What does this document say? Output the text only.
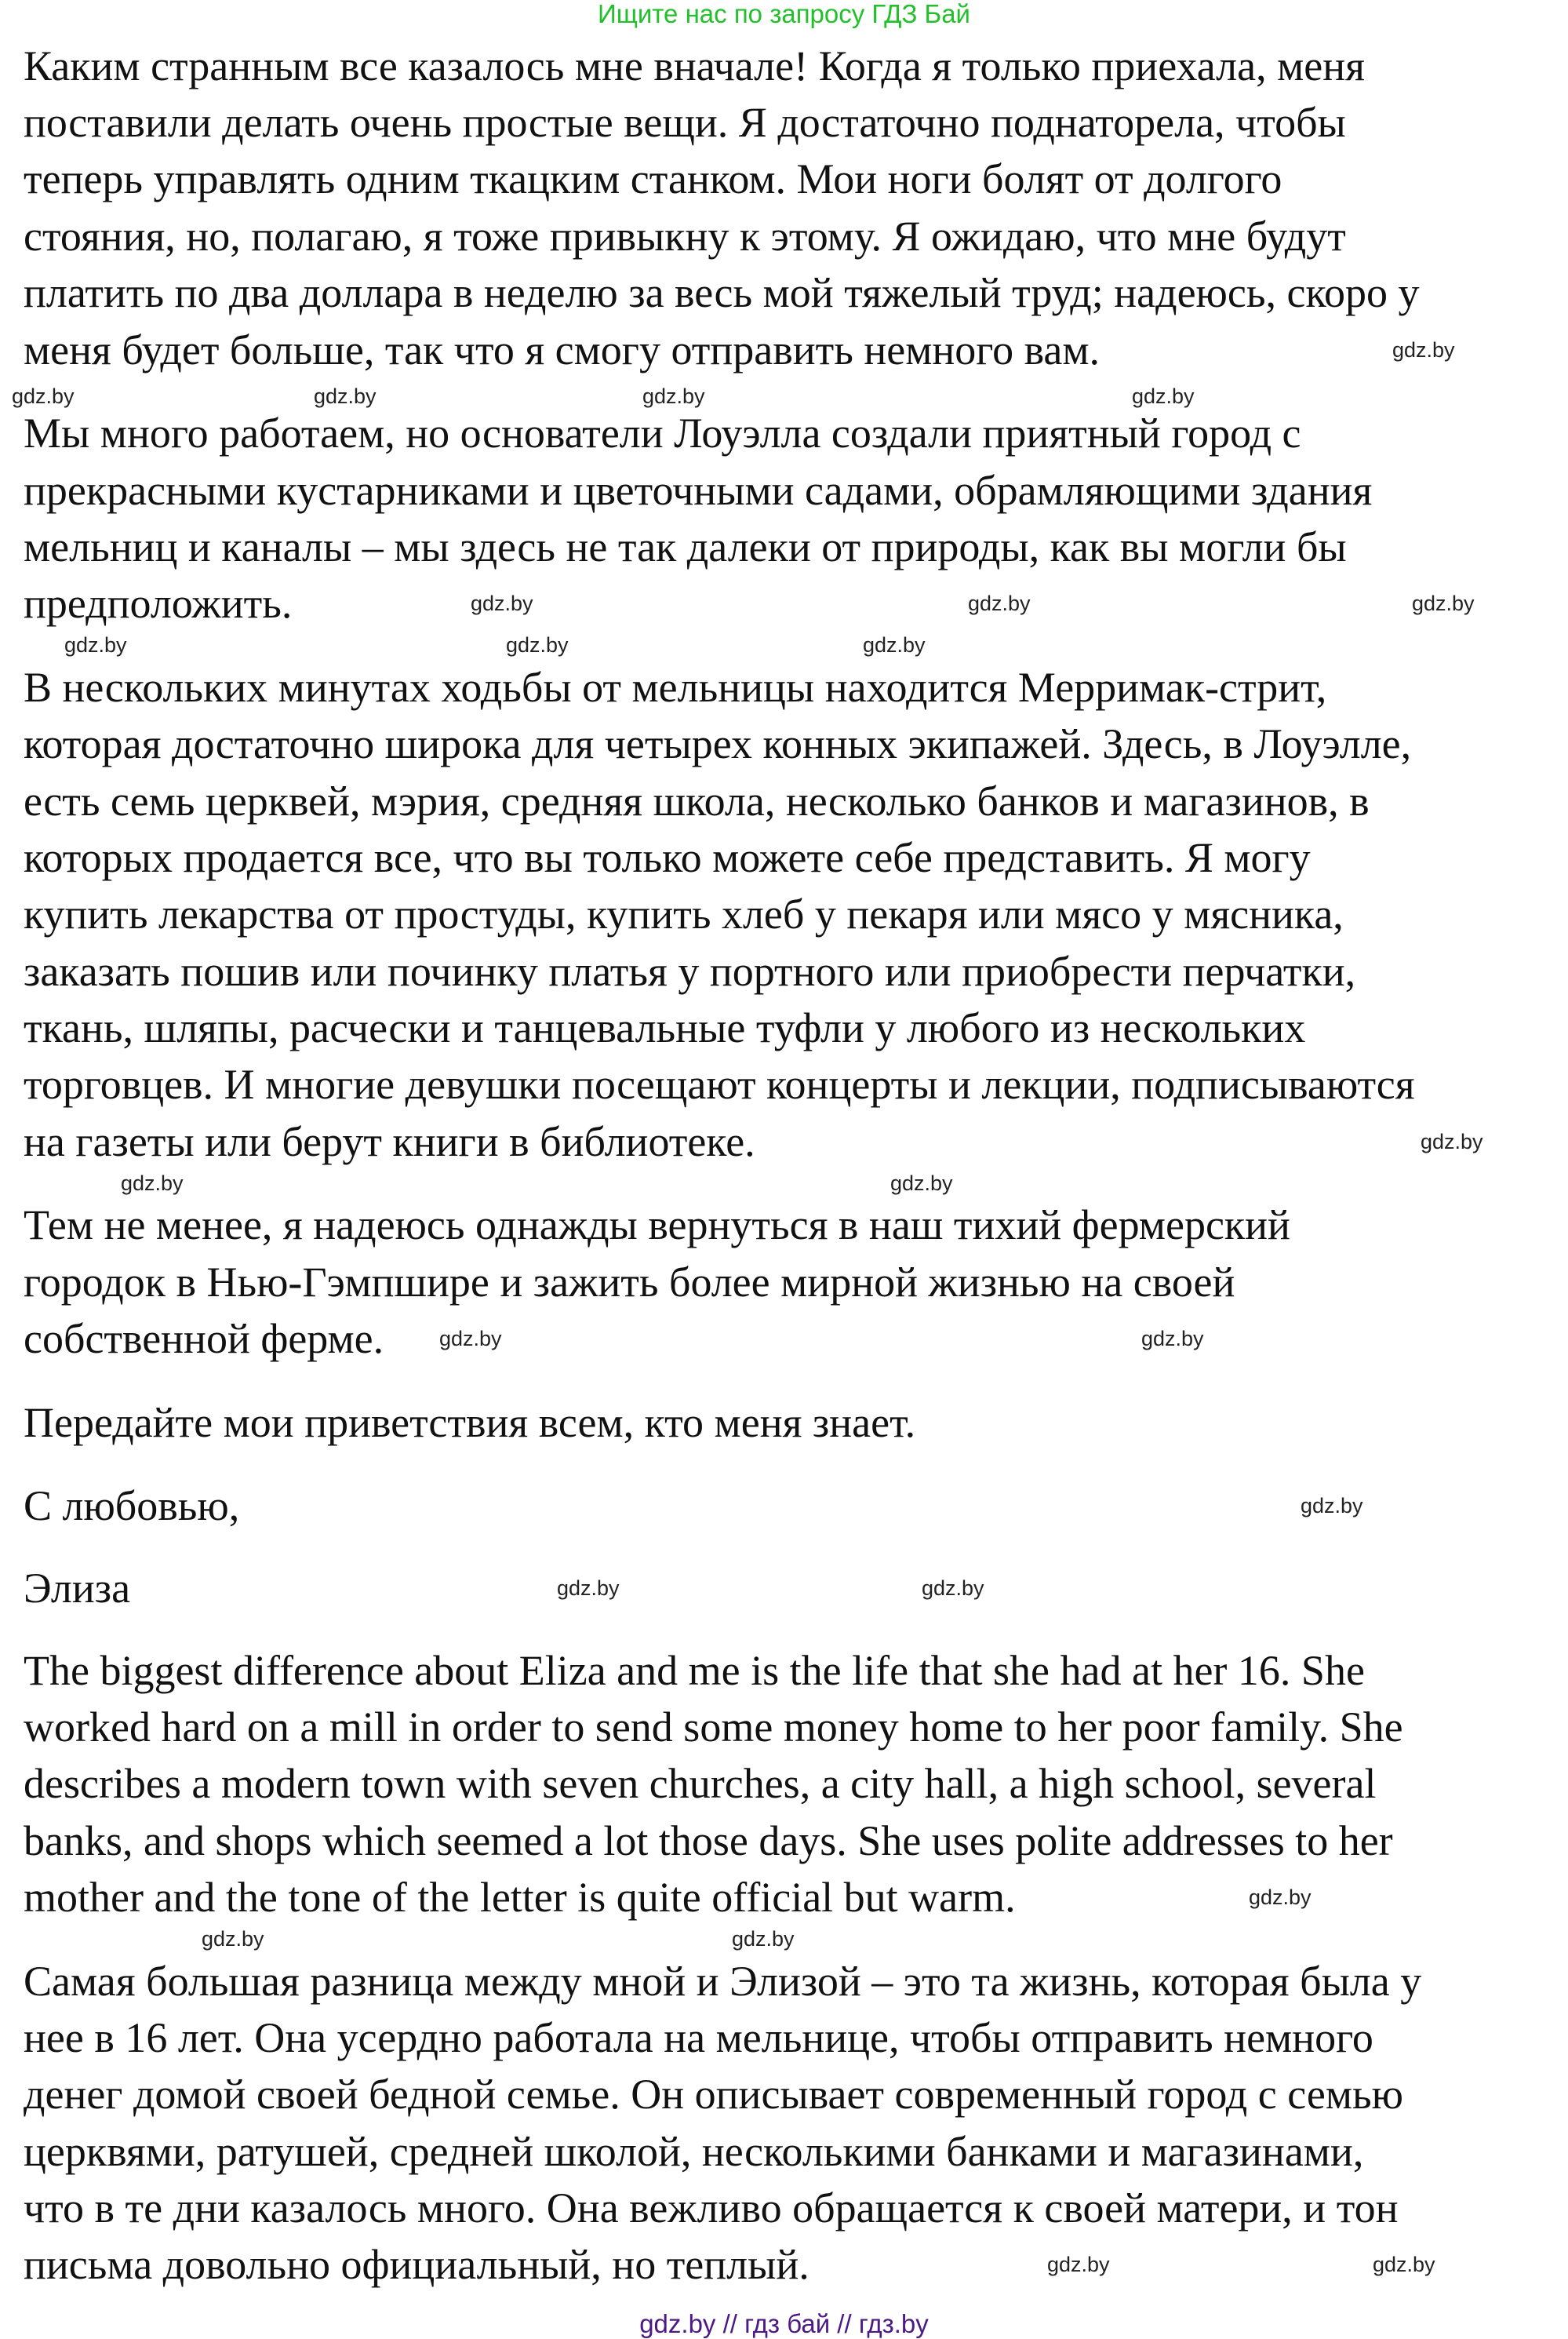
Ищите нас по запросу ГДЗ Бай
Каким странным все казалось мне вначале! Когда я только приехала, меня
поставили делать очень простые вещи. Я достаточно поднаторела, чтобы
теперь управлять одним ткацким станком. Мои ноги болят от долгого
стояния, но, полагаю, я тоже привыкну к этому. Я ожидаю, что мне будут
платить по два доллара в неделю за весь мой тяжелый труд; надеюсь, скоро у
меня будет больше, так что я смогу отправить немного вам.
Мы много работаем, но основатели Лоуэлла создали приятный город с
прекрасными кустарниками и цветочными садами, обрамляющими здания
мельниц и каналы – мы здесь не так далеки от природы, как вы могли бы
предположить.
В нескольких минутах ходьбы от мельницы находится Мерримак-стрит,
которая достаточно широка для четырех конных экипажей. Здесь, в Лоуэлле,
есть семь церквей, мэрия, средняя школа, несколько банков и магазинов, в
которых продается все, что вы только можете себе представить. Я могу
купить лекарства от простуды, купить хлеб у пекаря или мясо у мясника,
заказать пошив или починку платья у портного или приобрести перчатки,
ткань, шляпы, расчески и танцевальные туфли у любого из нескольких
торговцев. И многие девушки посещают концерты и лекции, подписываются
на газеты или берут книги в библиотеке.
Тем не менее, я надеюсь однажды вернуться в наш тихий фермерский
городок в Нью-Гэмпшире и зажить более мирной жизнью на своей
собственной ферме.
Передайте мои приветствия всем, кто меня знает.
С любовью,
Элиза
The biggest difference about Eliza and me is the life that she had at her 16. She
worked hard on a mill in order to send some money home to her poor family. She
describes a modern town with seven churches, a city hall, a high school, several
banks, and shops which seemed a lot those days. She uses polite addresses to her
mother and the tone of the letter is quite official but warm.
Самая большая разница между мной и Элизой – это та жизнь, которая была у
нее в 16 лет. Она усердно работала на мельнице, чтобы отправить немного
денег домой своей бедной семье. Он описывает современный город с семью
церквями, ратушей, средней школой, несколькими банками и магазинами,
что в те дни казалось много. Она вежливо обращается к своей матери, и тон
письма довольно официальный, но теплый.
gdz.by	gdz.by	gdz.by	gdz.by
gdz.by
gdz.by	gdz.by	gdz.by
gdz.by	gdz.by	gdz.by
gdz.by
gdz.by	gdz.by
gdz.by	gdz.by
gdz.by
gdz.by	gdz.by
gdz.by
gdz.by	gdz.by
gdz.by	gdz.by
gdz.by // гдз бай // гдз.by
